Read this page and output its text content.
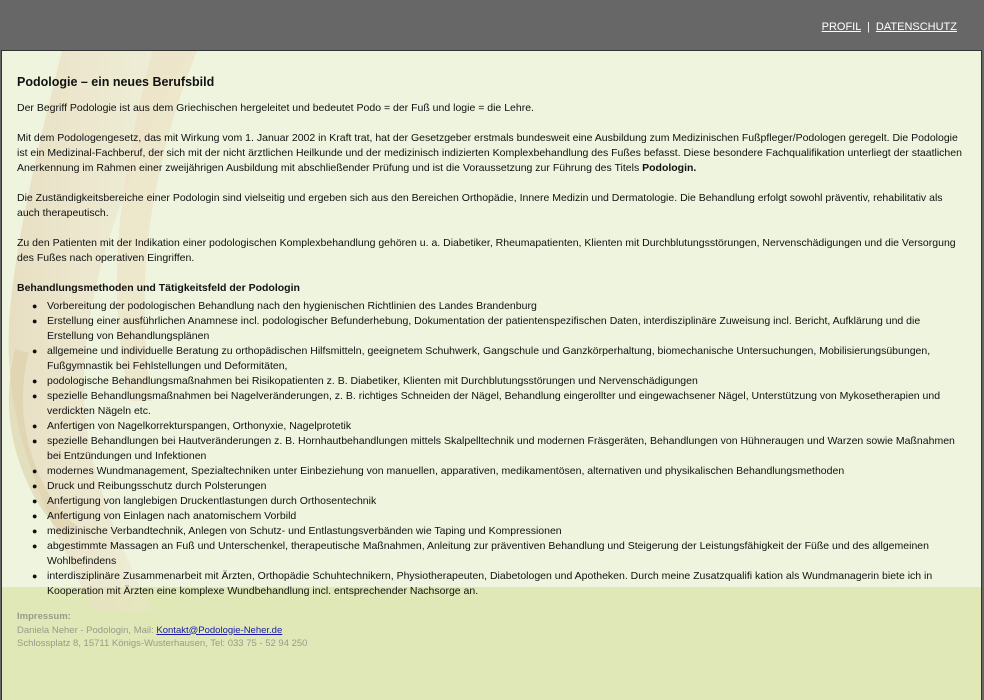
PROFIL | DATENSCHUTZ
Podologie – ein neues Berufsbild

Der Begriff Podologie ist aus dem Griechischen hergeleitet und bedeutet Podo = der Fuß und logie = die Lehre.

Mit dem Podologengesetz, das mit Wirkung vom 1. Januar 2002 in Kraft trat, hat der Gesetzgeber erstmals bundesweit eine Ausbildung zum Medizinischen Fußpfleger/Podologen geregelt. Die Podologie ist ein Medizinal-Fachberuf, der sich mit der nicht ärztlichen Heilkunde und der medizinisch indizierten Komplexbehandlung des Fußes befasst. Diese besondere Fachqualifikation unterliegt der staatlichen Anerkennung im Rahmen einer zweijährigen Ausbildung mit abschließender Prüfung und ist die Voraussetzung zur Führung des Titels Podologin.

Die Zuständigkeitsbereiche einer Podologin sind vielseitig und ergeben sich aus den Bereichen Orthopädie, Innere Medizin und Dermatologie. Die Behandlung erfolgt sowohl präventiv, rehabilitativ als auch therapeutisch.

Zu den Patienten mit der Indikation einer podologischen Komplexbehandlung gehören u. a. Diabetiker, Rheumapatienten, Klienten mit Durchblutungsstörungen, Nervenschädigungen und die Versorgung des Fußes nach operativen Eingriffen.

Behandlungsmethoden und Tätigkeitsfeld der Podologin
● Vorbereitung der podologischen Behandlung nach den hygienischen Richtlinien des Landes Brandenburg
● Erstellung einer ausführlichen Anamnese incl. podologischer Befunderhebung, Dokumentation der patientenspezifischen Daten, interdisziplinäre Zuweisung incl. Bericht, Aufklärung und die Erstellung von Behandlungsplänen
● allgemeine und individuelle Beratung zu orthopädischen Hilfsmitteln, geeignetem Schuhwerk, Gangschule und Ganzkörperhaltung, biomechanische Untersuchungen, Mobilisierungsübungen, Fußgymnastik bei Fehlstellungen und Deformitäten,
● podologische Behandlungsmaßnahmen bei Risikopatienten z. B. Diabetiker, Klienten mit Durchblutungsstörungen und Nervenschädigungen
● spezielle Behandlungsmaßnahmen bei Nagelveränderungen, z. B. richtiges Schneiden der Nägel, Behandlung eingerollter und eingewachsener Nägel, Unterstützung von Mykosetherapien und verdickten Nägeln etc.
● Anfertigen von Nagelkorrekturspangen, Orthonyxie, Nagelprotetik
● spezielle Behandlungen bei Hautveränderungen z. B. Hornhautbehandlungen mittels Skalpelltechnik und modernen Fräsgeräten, Behandlungen von Hühneraugen und Warzen sowie Maßnahmen bei Entzündungen und Infektionen
● modernes Wundmanagement, Spezialtechniken unter Einbeziehung von manuellen, apparativen, medikamentösen, alternativen und physikalischen Behandlungsmethoden
● Druck und Reibungsschutz durch Polsterungen
● Anfertigung von langlebigen Druckentlastungen durch Orthosentechnik
● Anfertigung von Einlagen nach anatomischem Vorbild
● medizinische Verbandtechnik, Anlegen von Schutz- und Entlastungsverbänden wie Taping und Kompressionen
● abgestimmte Massagen an Fuß und Unterschenkel, therapeutische Maßnahmen, Anleitung zur präventiven Behandlung und Steigerung der Leistungsfähigkeit der Füße und des allgemeinen Wohlbefindens
● interdisziplinäre Zusammenarbeit mit Ärzten, Orthopädie Schuhtechnikern, Physiotherapeuten, Diabetologen und Apotheken. Durch meine Zusatzqualifi kation als Wundmanagerin biete ich in Kooperation mit Ärzten eine komplexe Wundbehandlung incl. entsprechender Nachsorge an.
Impressum:
Daniela Neher - Podologin, Mail: Kontakt@Podologie-Neher.de
Schlossplatz 8, 15711 Königs-Wusterhausen, Tel: 033 75 - 52 94 250
